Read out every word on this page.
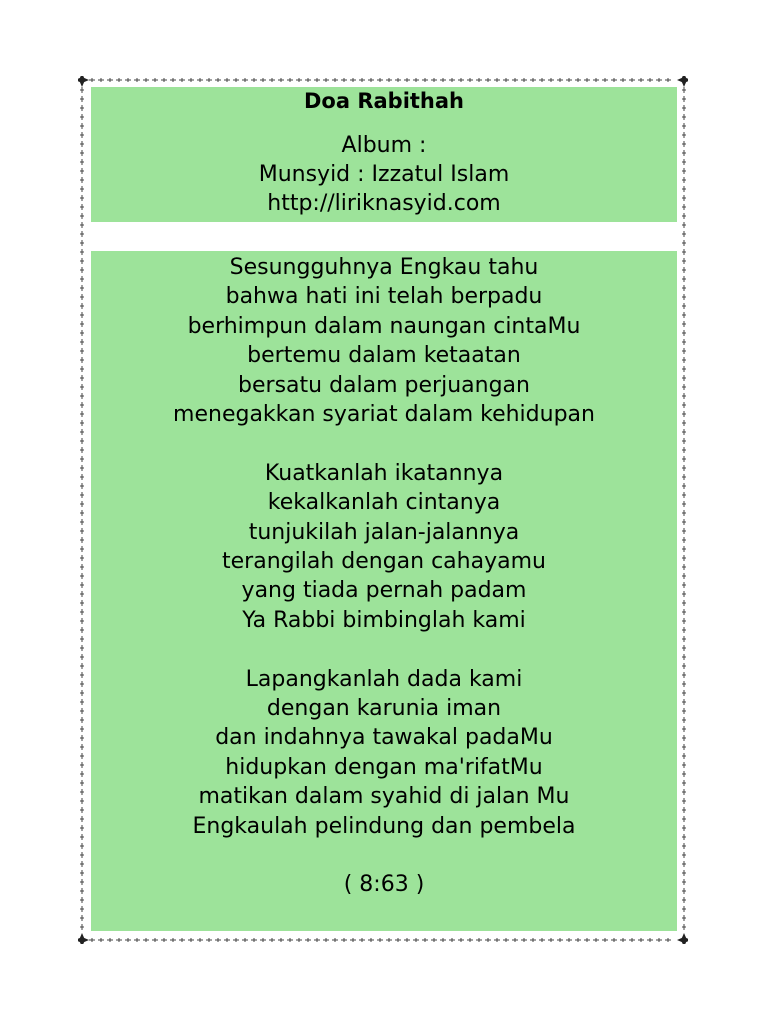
Doa Rabithah
Album :
Munsyid : Izzatul Islam
http://liriknasyid.com
Sesungguhnya Engkau tahu
bahwa hati ini telah berpadu
berhimpun dalam naungan cintaMu
bertemu dalam ketaatan
bersatu dalam perjuangan
menegakkan syariat dalam kehidupan
Kuatkanlah ikatannya
kekalkanlah cintanya
tunjukilah jalan-jalannya
terangilah dengan cahayamu
yang tiada pernah padam
Ya Rabbi bimbinglah kami
Lapangkanlah dada kami
dengan karunia iman
dan indahnya tawakal padaMu
hidupkan dengan ma'rifatMu
matikan dalam syahid di jalan Mu
Engkaulah pelindung dan pembela
( 8:63 )
